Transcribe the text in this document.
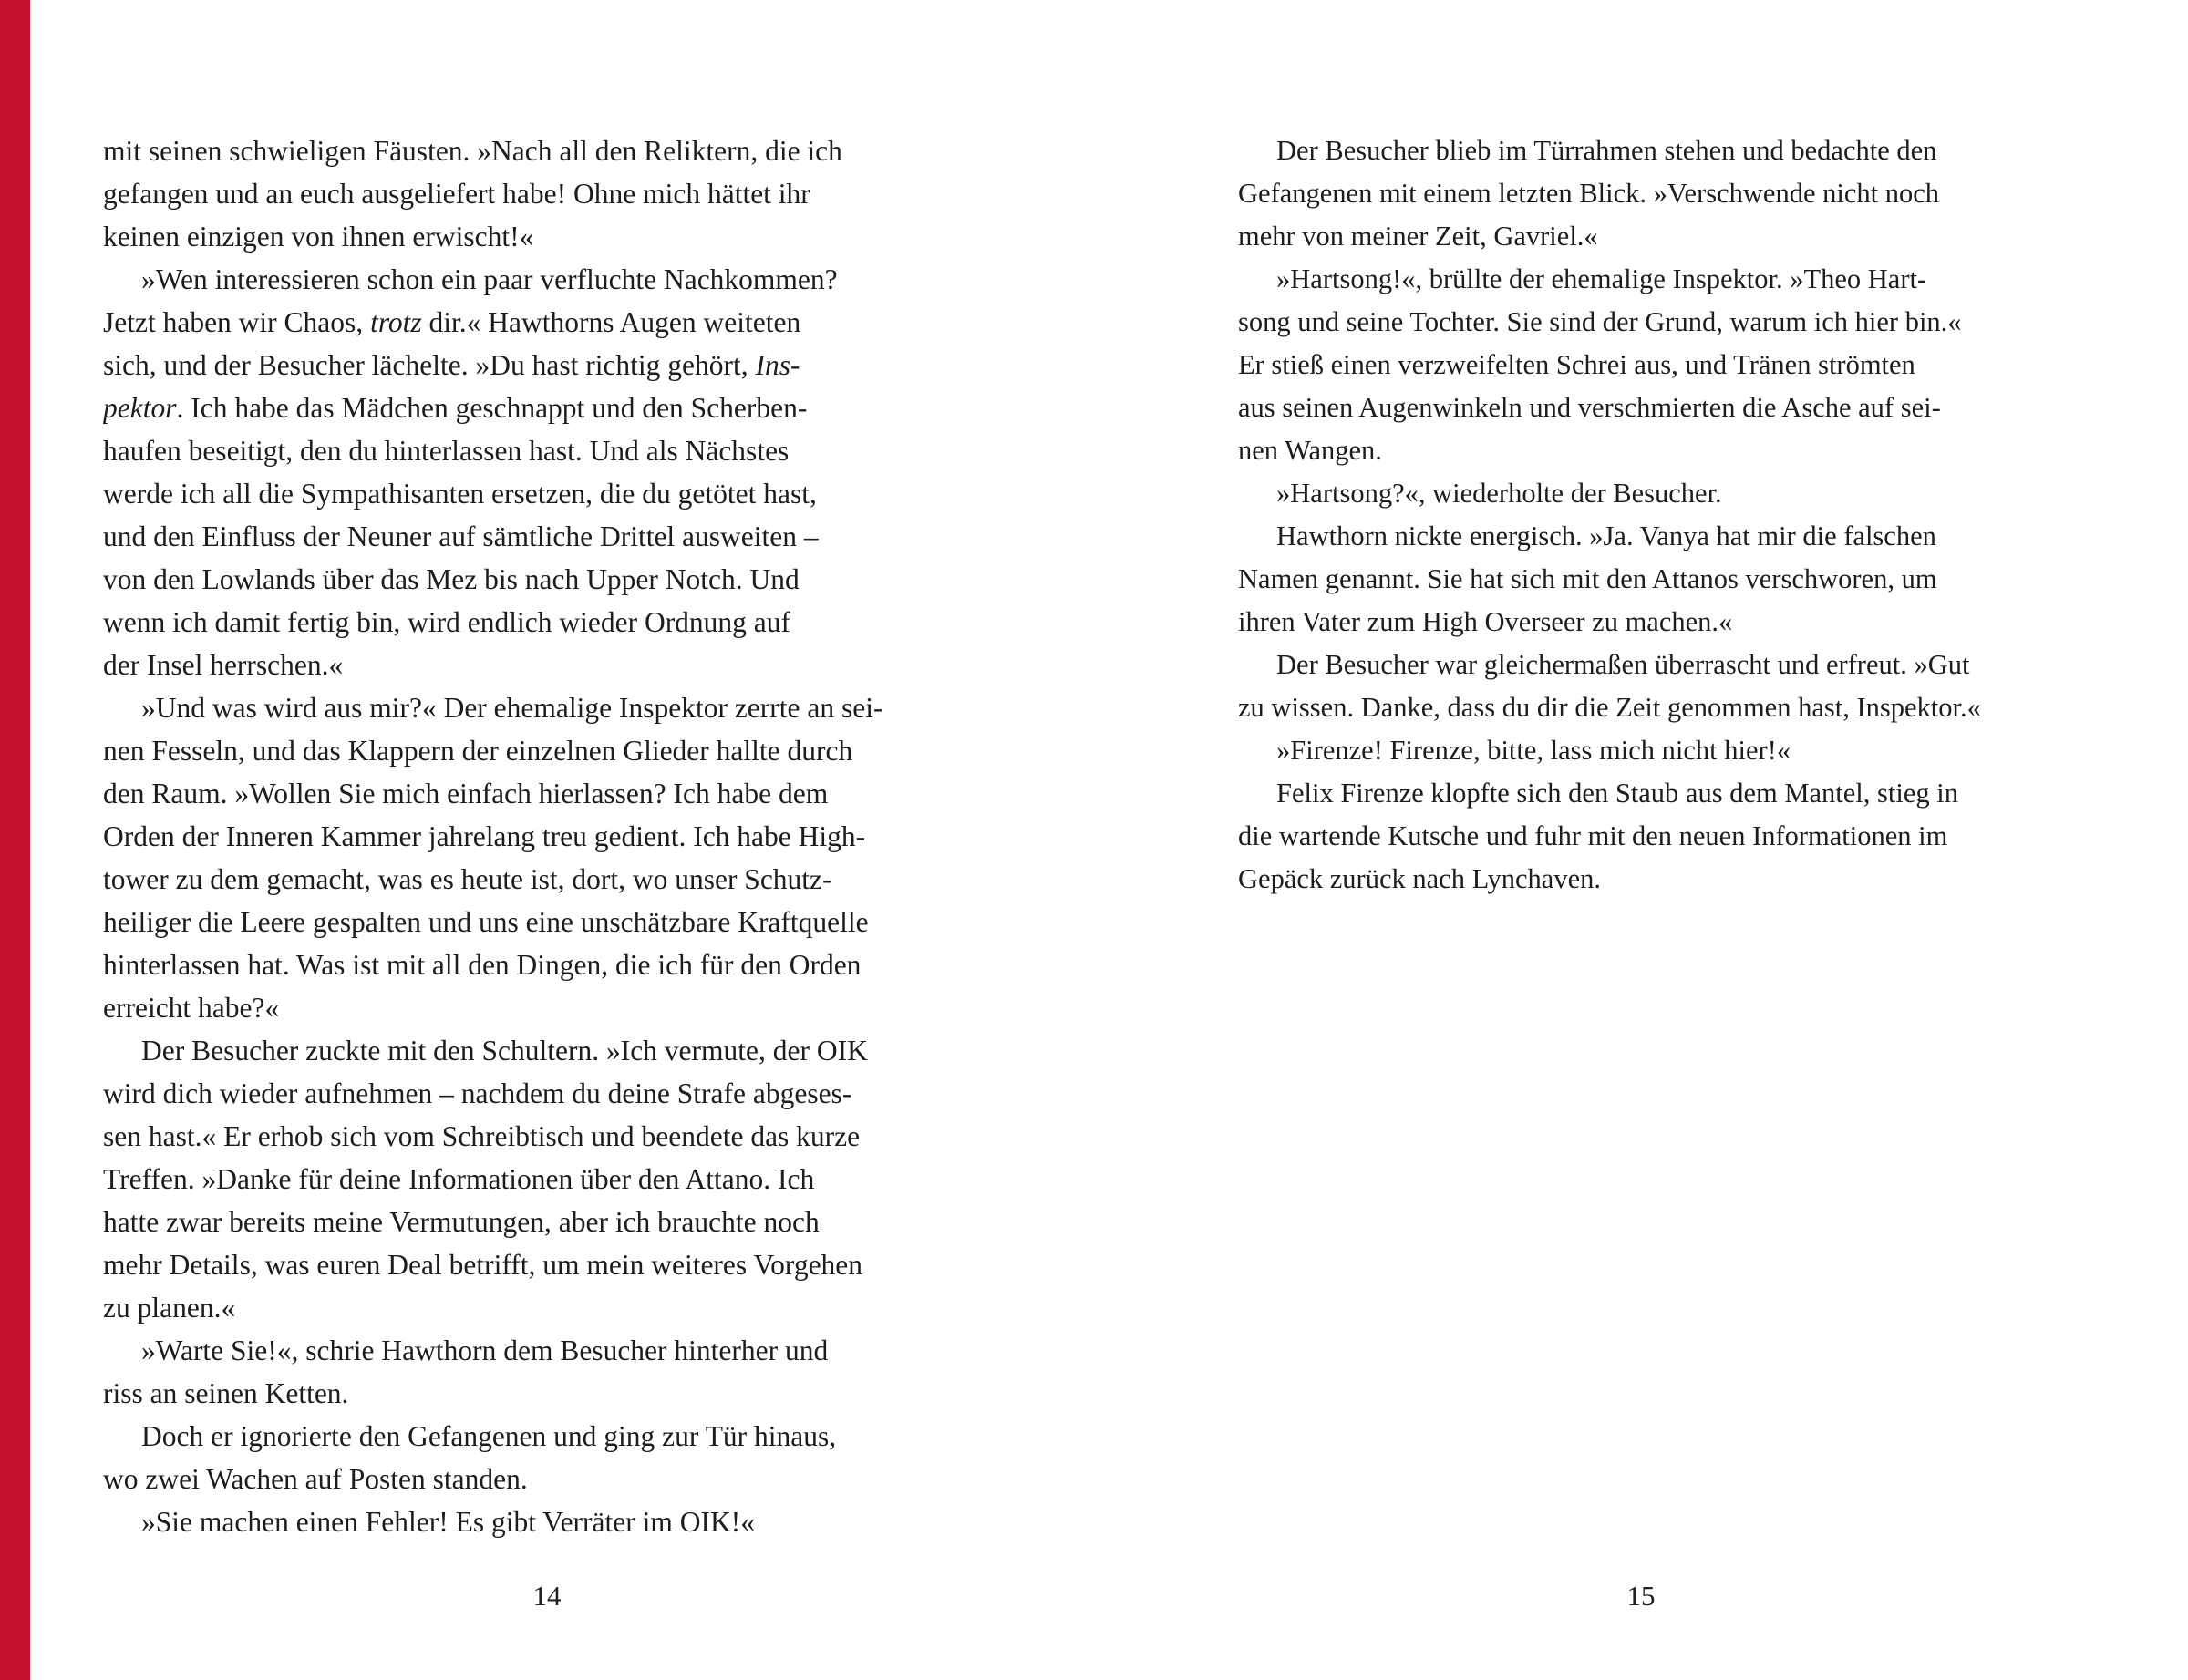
mit seinen schwieligen Fäusten. »Nach all den Reliktern, die ich
gefangen und an euch ausgeliefert habe! Ohne mich hättet ihr
keinen einzigen von ihnen erwischt!«
»Wen interessieren schon ein paar verfluchte Nachkommen?
Jetzt haben wir Chaos, trotz dir.« Hawthorns Augen weiteten
sich, und der Besucher lächelte. »Du hast richtig gehört, Ins-
pektor. Ich habe das Mädchen geschnappt und den Scherben-
haufen beseitigt, den du hinterlassen hast. Und als Nächstes
werde ich all die Sympathisanten ersetzen, die du getötet hast,
und den Einfluss der Neuner auf sämtliche Drittel ausweiten –
von den Lowlands über das Mez bis nach Upper Notch. Und
wenn ich damit fertig bin, wird endlich wieder Ordnung auf
der Insel herrschen.«
»Und was wird aus mir?« Der ehemalige Inspektor zerrte an sei-
nen Fesseln, und das Klappern der einzelnen Glieder hallte durch
den Raum. »Wollen Sie mich einfach hierlassen? Ich habe dem
Orden der Inneren Kammer jahrelang treu gedient. Ich habe High-
tower zu dem gemacht, was es heute ist, dort, wo unser Schutz-
heiliger die Leere gespalten und uns eine unschätzbare Kraftquelle
hinterlassen hat. Was ist mit all den Dingen, die ich für den Orden
erreicht habe?«
Der Besucher zuckte mit den Schultern. »Ich vermute, der OIK
wird dich wieder aufnehmen – nachdem du deine Strafe abgeses-
sen hast.« Er erhob sich vom Schreibtisch und beendete das kurze
Treffen. »Danke für deine Informationen über den Attano. Ich
hatte zwar bereits meine Vermutungen, aber ich brauchte noch
mehr Details, was euren Deal betrifft, um mein weiteres Vorgehen
zu planen.«
»Warte Sie!«, schrie Hawthorn dem Besucher hinterher und
riss an seinen Ketten.
Doch er ignorierte den Gefangenen und ging zur Tür hinaus,
wo zwei Wachen auf Posten standen.
»Sie machen einen Fehler! Es gibt Verräter im OIK!«
14
Der Besucher blieb im Türrahmen stehen und bedachte den
Gefangenen mit einem letzten Blick. »Verschwende nicht noch
mehr von meiner Zeit, Gavriel.«
»Hartsong!«, brüllte der ehemalige Inspektor. »Theo Hart-
song und seine Tochter. Sie sind der Grund, warum ich hier bin.«
Er stieß einen verzweifelten Schrei aus, und Tränen strömten
aus seinen Augenwinkeln und verschmierten die Asche auf sei-
nen Wangen.
»Hartsong?«, wiederholte der Besucher.
Hawthorn nickte energisch. »Ja. Vanya hat mir die falschen
Namen genannt. Sie hat sich mit den Attanos verschworen, um
ihren Vater zum High Overseer zu machen.«
Der Besucher war gleichermaßen überrascht und erfreut. »Gut
zu wissen. Danke, dass du dir die Zeit genommen hast, Inspektor.«
»Firenze! Firenze, bitte, lass mich nicht hier!«
Felix Firenze klopfte sich den Staub aus dem Mantel, stieg in
die wartende Kutsche und fuhr mit den neuen Informationen im
Gepäck zurück nach Lynchaven.
15
